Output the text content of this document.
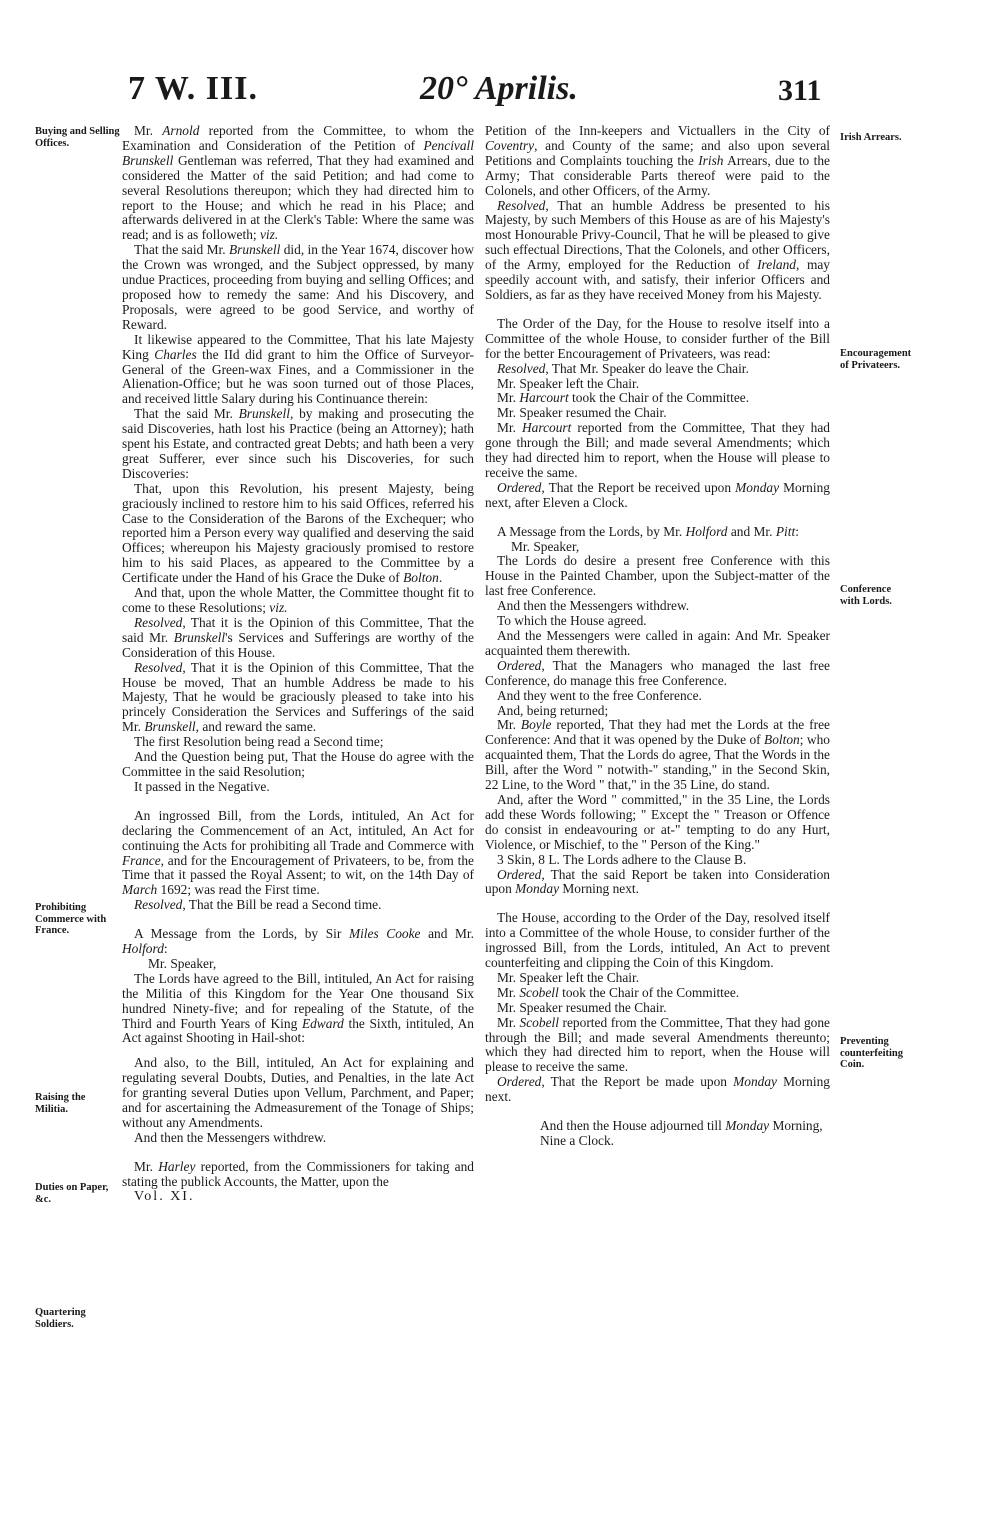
7 W. III.	20° Aprilis.	311
Buying and Selling Offices.
Prohibiting Commerce with France.
Raising the Militia.
Duties on Paper, &c.
Quartering Soldiers.
Irish Arrears.
Encouragement of Privateers.
Conference with Lords.
Preventing counterfeiting Coin.

Mr. Arnold reported from the Committee, to whom the Examination and Consideration of the Petition of Pencivall Brunskell Gentleman was referred, That they had examined and considered the Matter of the said Petition; and had come to several Resolutions thereupon; which they had directed him to report to the House; and which he read in his Place; and afterwards delivered in at the Clerk's Table: Where the same was read; and is as followeth; viz.

That the said Mr. Brunskell did, in the Year 1674, discover how the Crown was wronged, and the Subject oppressed, by many undue Practices, proceeding from buying and selling Offices; and proposed how to remedy the same: And his Discovery, and Proposals, were agreed to be good Service, and worthy of Reward.

It likewise appeared to the Committee, That his late Majesty King Charles the IId did grant to him the Office of Surveyor-General of the Green-wax Fines, and a Commissioner in the Alienation-Office; but he was soon turned out of those Places, and received little Salary during his Continuance therein:

That the said Mr. Brunskell, by making and prosecuting the said Discoveries, hath lost his Practice (being an Attorney); hath spent his Estate, and contracted great Debts; and hath been a very great Sufferer, ever since such his Discoveries, for such Discoveries:

That, upon this Revolution, his present Majesty, being graciously inclined to restore him to his said Offices, referred his Case to the Consideration of the Barons of the Exchequer; who reported him a Person every way qualified and deserving the said Offices; whereupon his Majesty graciously promised to restore him to his said Places, as appeared to the Committee by a Certificate under the Hand of his Grace the Duke of Bolton.

And that, upon the whole Matter, the Committee thought fit to come to these Resolutions; viz.

Resolved, That it is the Opinion of this Committee, That the said Mr. Brunskell's Services and Sufferings are worthy of the Consideration of this House.

Resolved, That it is the Opinion of this Committee, That the House be moved, That an humble Address be made to his Majesty, That he would be graciously pleased to take into his princely Consideration the Services and Sufferings of the said Mr. Brunskell, and reward the same.

The first Resolution being read a Second time;

And the Question being put, That the House do agree with the Committee in the said Resolution;

It passed in the Negative.

An ingrossed Bill, from the Lords, intituled, An Act for declaring the Commencement of an Act, intituled, An Act for continuing the Acts for prohibiting all Trade and Commerce with France, and for the Encouragement of Privateers, to be, from the Time that it passed the Royal Assent; to wit, on the 14th Day of March 1692; was read the First time.

Resolved, That the Bill be read a Second time.

A Message from the Lords, by Sir Miles Cooke and Mr. Holford:

Mr. Speaker,

The Lords have agreed to the Bill, intituled, An Act for raising the Militia of this Kingdom for the Year One thousand Six hundred Ninety-five; and for repealing of the Statute, of the Third and Fourth Years of King Edward the Sixth, intituled, An Act against Shooting in Hail-shot:

And also, to the Bill, intituled, An Act for explaining and regulating several Doubts, Duties, and Penalties, in the late Act for granting several Duties upon Vellum, Parchment, and Paper; and for ascertaining the Admeasurement of the Tonage of Ships; without any Amendments.

And then the Messengers withdrew.

Mr. Harley reported, from the Commissioners for taking and stating the publick Accounts, the Matter, upon the

Vol. XI.

Petition of the Inn-keepers and Victuallers in the City of Coventry, and County of the same; and also upon several Petitions and Complaints touching the Irish Arrears, due to the Army; That considerable Parts thereof were paid to the Colonels, and other Officers, of the Army.

Resolved, That an humble Address be presented to his Majesty, by such Members of this House as are of his Majesty's most Honourable Privy-Council, That he will be pleased to give such effectual Directions, That the Colonels, and other Officers, of the Army, employed for the Reduction of Ireland, may speedily account with, and satisfy, their inferior Officers and Soldiers, as far as they have received Money from his Majesty.

The Order of the Day, for the House to resolve itself into a Committee of the whole House, to consider further of the Bill for the better Encouragement of Privateers, was read:

Resolved, That Mr. Speaker do leave the Chair.

Mr. Speaker left the Chair.

Mr. Harcourt took the Chair of the Committee.

Mr. Speaker resumed the Chair.

Mr. Harcourt reported from the Committee, That they had gone through the Bill; and made several Amendments; which they had directed him to report, when the House will please to receive the same.

Ordered, That the Report be received upon Monday Morning next, after Eleven a Clock.

A Message from the Lords, by Mr. Holford and Mr. Pitt:

Mr. Speaker,

The Lords do desire a present free Conference with this House in the Painted Chamber, upon the Subject-matter of the last free Conference.

And then the Messengers withdrew.

To which the House agreed.

And the Messengers were called in again: And Mr. Speaker acquainted them therewith.

Ordered, That the Managers who managed the last free Conference, do manage this free Conference.

And they went to the free Conference.

And, being returned;

Mr. Boyle reported, That they had met the Lords at the free Conference: And that it was opened by the Duke of Bolton; who acquainted them, That the Lords do agree, That the Words in the Bill, after the Word " notwith-" standing," in the Second Skin, 22 Line, to the Word " that," in the 35 Line, do stand.

And, after the Word " committed," in the 35 Line, the Lords add these Words following; " Except the " Treason or Offence do consist in endeavouring or at-" tempting to do any Hurt, Violence, or Mischief, to the " Person of the King."

3 Skin, 8 L. The Lords adhere to the Clause B.

Ordered, That the said Report be taken into Consideration upon Monday Morning next.

The House, according to the Order of the Day, resolved itself into a Committee of the whole House, to consider further of the ingrossed Bill, from the Lords, intituled, An Act to prevent counterfeiting and clipping the Coin of this Kingdom.

Mr. Speaker left the Chair.

Mr. Scobell took the Chair of the Committee.

Mr. Speaker resumed the Chair.

Mr. Scobell reported from the Committee, That they had gone through the Bill; and made several Amendments thereunto; which they had directed him to report, when the House will please to receive the same.

Ordered, That the Report be made upon Monday Morning next.

And then the House adjourned till Monday Morning, Nine a Clock.
